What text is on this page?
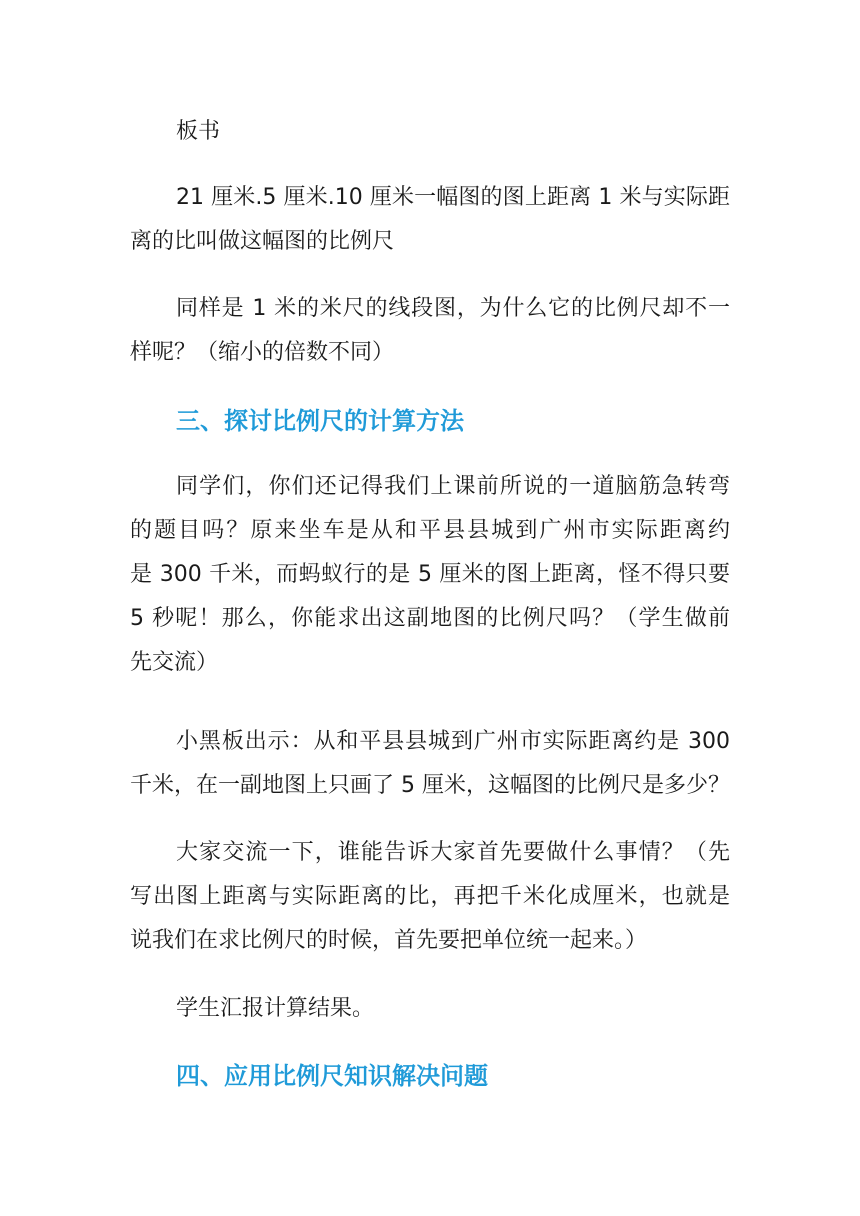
板书

21 厘米.5 厘米.10 厘米一幅图的图上距离 1 米与实际距
离的比叫做这幅图的比例尺

同样是 1 米的米尺的线段图，为什么它的比例尺却不一
样呢？（缩小的倍数不同）

三、探讨比例尺的计算方法

同学们，你们还记得我们上课前所说的一道脑筋急转弯
的题目吗？原来坐车是从和平县县城到广州市实际距离约
是 300 千米，而蚂蚁行的是 5 厘米的图上距离，怪不得只要
5 秒呢！那么，你能求出这副地图的比例尺吗？（学生做前
先交流）

小黑板出示：从和平县县城到广州市实际距离约是 300
千米，在一副地图上只画了 5 厘米，这幅图的比例尺是多少？

大家交流一下，谁能告诉大家首先要做什么事情？（先
写出图上距离与实际距离的比，再把千米化成厘米，也就是
说我们在求比例尺的时候，首先要把单位统一起来。）

学生汇报计算结果。

四、应用比例尺知识解决问题
